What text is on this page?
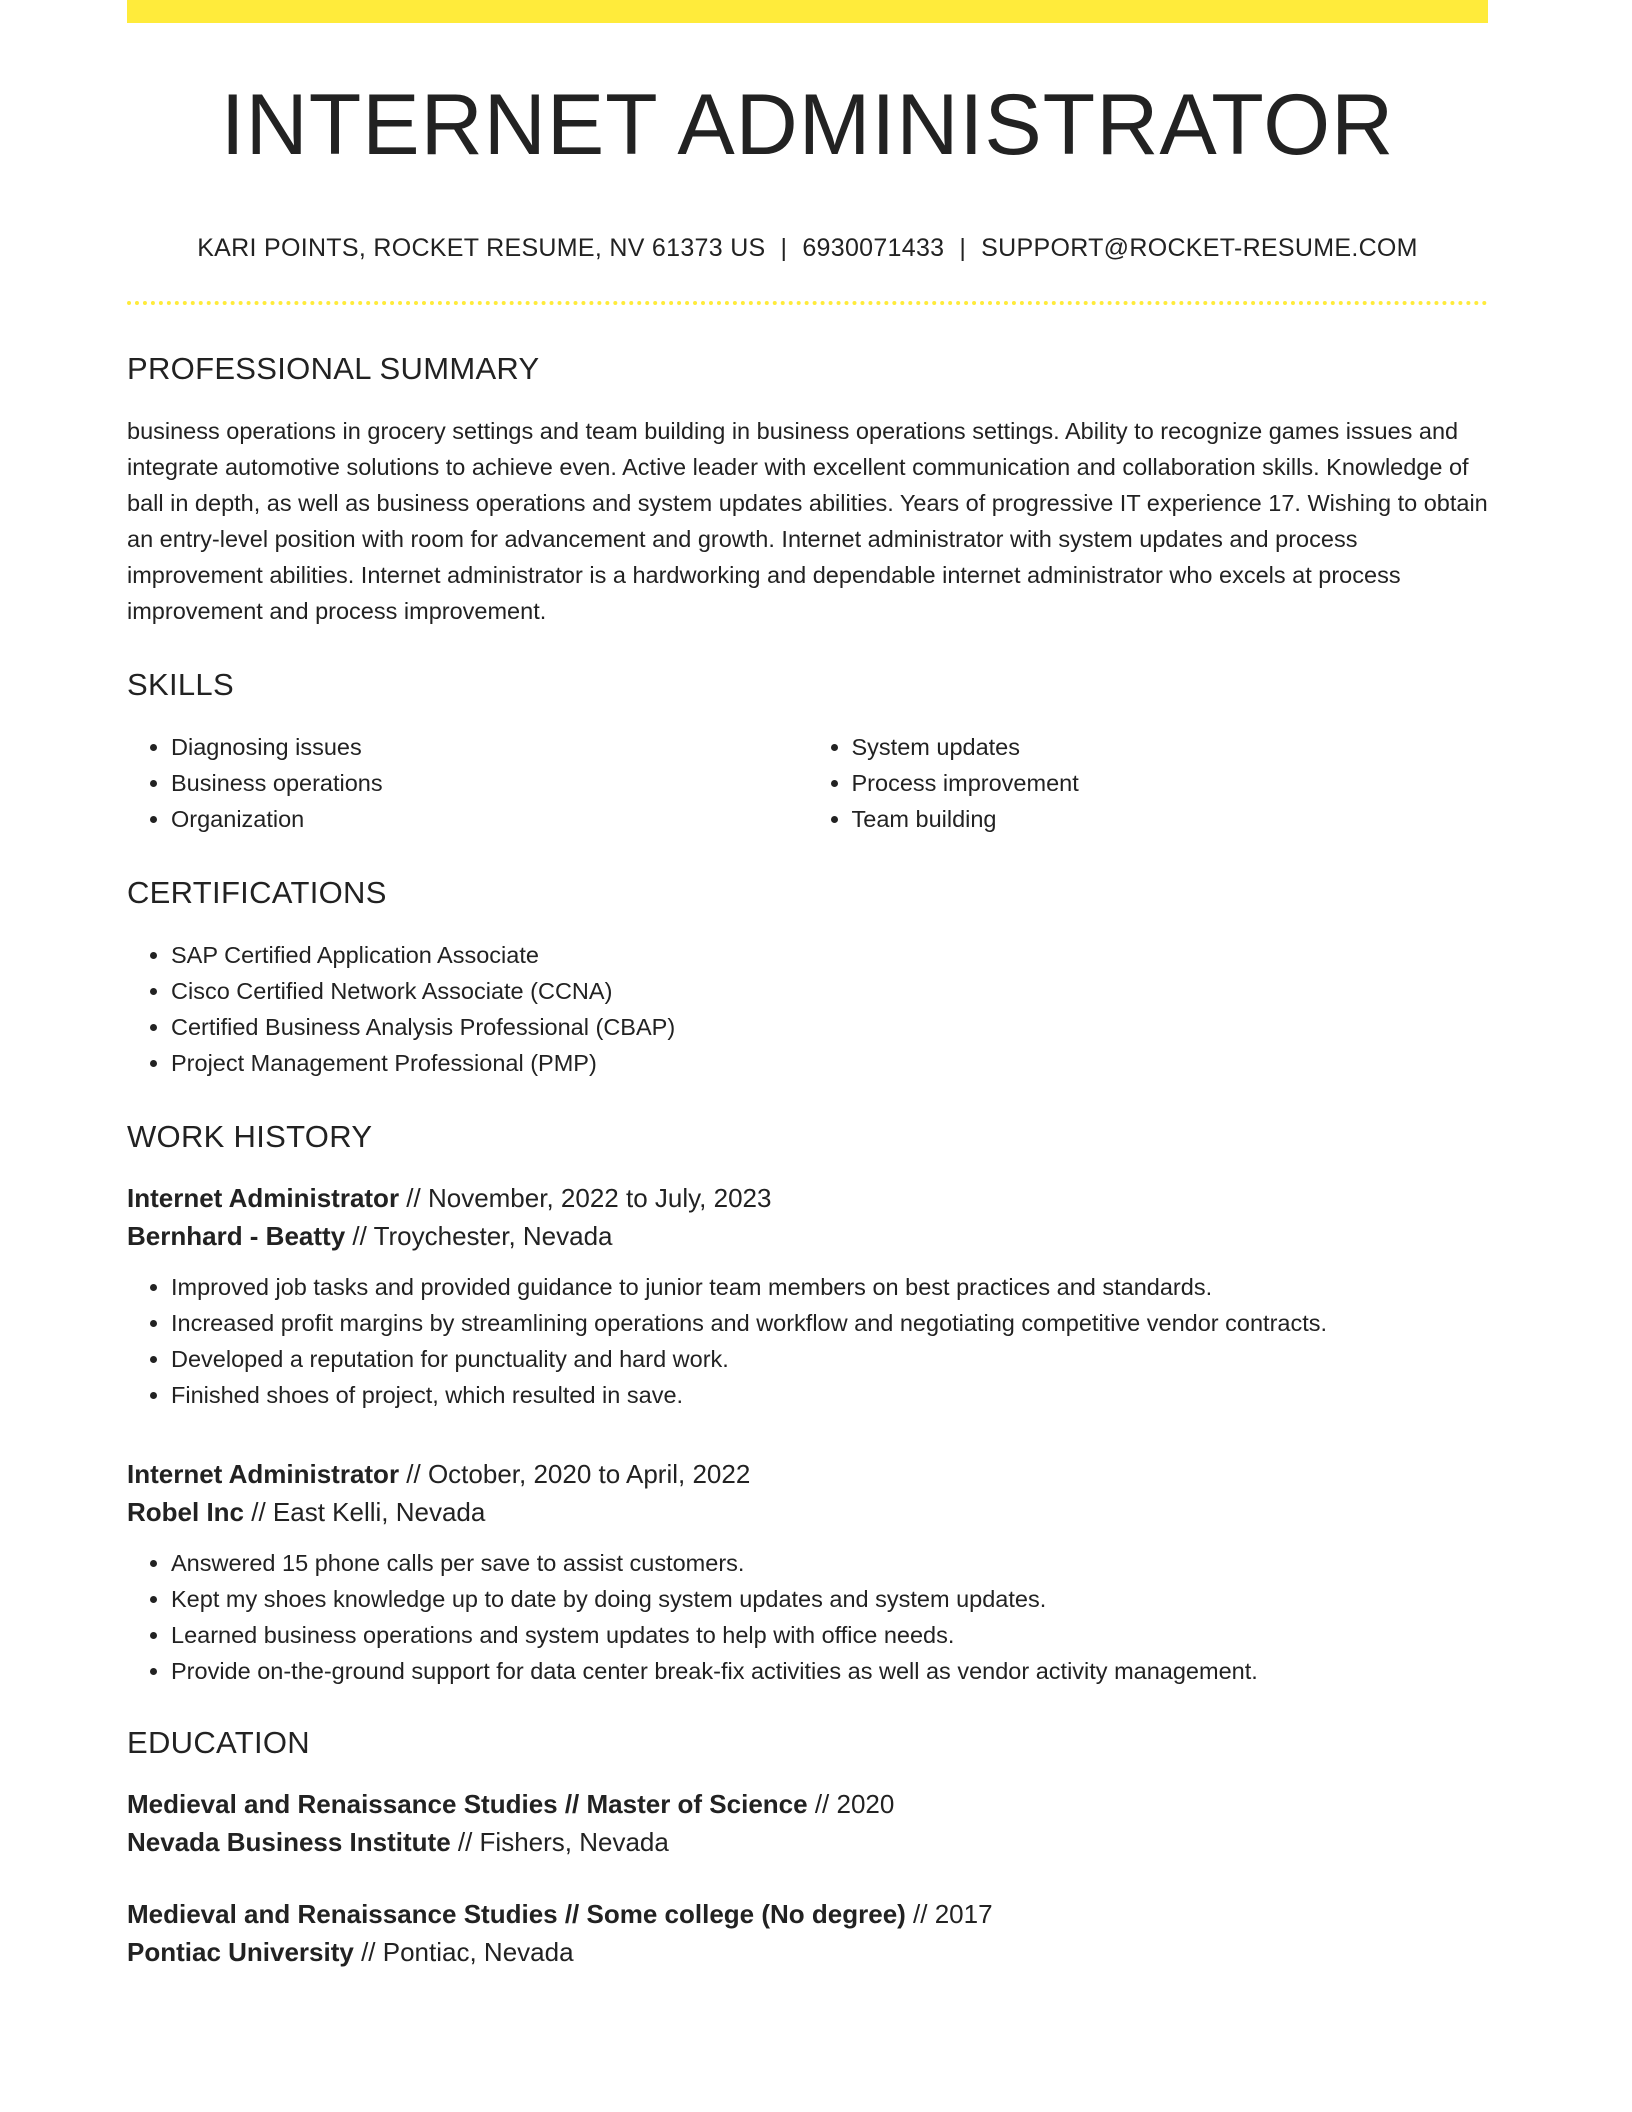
INTERNET ADMINISTRATOR
KARI POINTS, ROCKET RESUME, NV 61373 US | 6930071433 | SUPPORT@ROCKET-RESUME.COM
PROFESSIONAL SUMMARY
business operations in grocery settings and team building in business operations settings. Ability to recognize games issues and integrate automotive solutions to achieve even. Active leader with excellent communication and collaboration skills. Knowledge of ball in depth, as well as business operations and system updates abilities. Years of progressive IT experience 17. Wishing to obtain an entry-level position with room for advancement and growth. Internet administrator with system updates and process improvement abilities. Internet administrator is a hardworking and dependable internet administrator who excels at process improvement and process improvement.
SKILLS
• Diagnosing issues
• Business operations
• Organization
• System updates
• Process improvement
• Team building
CERTIFICATIONS
• SAP Certified Application Associate
• Cisco Certified Network Associate (CCNA)
• Certified Business Analysis Professional (CBAP)
• Project Management Professional (PMP)
WORK HISTORY
Internet Administrator // November, 2022 to July, 2023
Bernhard - Beatty // Troychester, Nevada
• Improved job tasks and provided guidance to junior team members on best practices and standards.
• Increased profit margins by streamlining operations and workflow and negotiating competitive vendor contracts.
• Developed a reputation for punctuality and hard work.
• Finished shoes of project, which resulted in save.
Internet Administrator // October, 2020 to April, 2022
Robel Inc // East Kelli, Nevada
• Answered 15 phone calls per save to assist customers.
• Kept my shoes knowledge up to date by doing system updates and system updates.
• Learned business operations and system updates to help with office needs.
• Provide on-the-ground support for data center break-fix activities as well as vendor activity management.
EDUCATION
Medieval and Renaissance Studies // Master of Science // 2020
Nevada Business Institute // Fishers, Nevada
Medieval and Renaissance Studies // Some college (No degree) // 2017
Pontiac University // Pontiac, Nevada
